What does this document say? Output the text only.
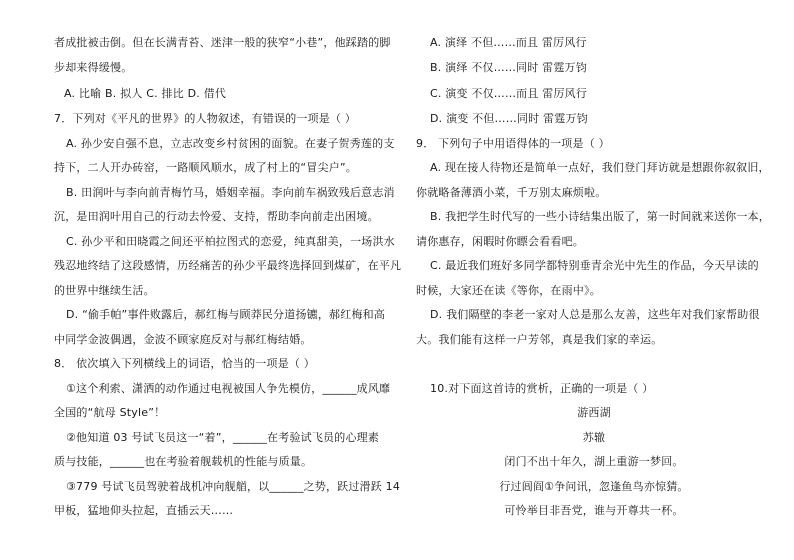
者成批被击倒。但在长满青苔、迷津一般的狭窄“小巷”，他踩踏的脚
步却来得缓慢。
A. 比喻 B. 拟人 C. 排比 D. 借代
7．下列对《平凡的世界》的人物叙述，有错误的一项是（ ）
A. 孙少安自强不息，立志改变乡村贫困的面貌。在妻子贺秀莲的支
持下，二人开办砖窑，一路顺风顺水，成了村上的“冒尖户”。
B. 田润叶与李向前青梅竹马，婚姻幸福。李向前车祸致残后意志消
沉，是田润叶用自己的行动去怜爱、支持，帮助李向前走出困境。
C. 孙少平和田晓霞之间还平柏拉图式的恋爱，纯真甜美，一场洪水
残忍地终结了这段感情，历经痛苦的孙少平最终选择回到煤矿，在平凡
的世界中继续生活。
D. “偷手帕”事件败露后，郝红梅与顾莽民分道扬镳，郝红梅和高
中同学金波偶遇，金波不顾家庭反对与郝红梅结婚。
8． 依次填入下列横线上的词语，恰当的一项是（ ）
①这个利索、潇洒的动作通过电视被国人争先模仿，______成风靡
全国的“航母 Style”！
②他知道 03 号试飞员这一“着”，______在考验试飞员的心理素
质与技能，______也在考验着舰载机的性能与质量。
③779 号试飞员驾驶着战机冲向舰艏，以______之势，跃过滑跃 14
甲板，猛地仰头拉起，直插云天……
A. 演绎 不但……而且 雷厉风行
B. 演绎 不仅……同时 雷霆万钧
C. 演变 不仅……而且 雷厉风行
D. 演变 不但……同时 雷霆万钧
9． 下列句子中用语得体的一项是（ ）
A. 现在接人待物还是简单一点好，我们登门拜访就是想跟你叙叙旧，
你就略备薄酒小菜，千万别太麻烦啦。
B. 我把学生时代写的一些小诗结集出版了，第一时间就来送你一本，
请你惠存，闲暇时你瞟会看看吧。
C. 最近我们班好多同学都特别垂青余光中先生的作品，今天早读的
时候，大家还在读《等你，在雨中》。
D. 我们隔壁的李老一家对人总是那么友善，这些年对我们家帮助很
大。我们能有这样一户芳邻，真是我们家的幸运。
10.对下面这首诗的赏析，正确的一项是（ ）
游西湖
苏辙
闭门不出十年久，湖上重游一梦回。
行过闾阎①争问讯，忽逢鱼鸟亦惊猜。
可怜举目非吾党，谁与开尊共一杯。
